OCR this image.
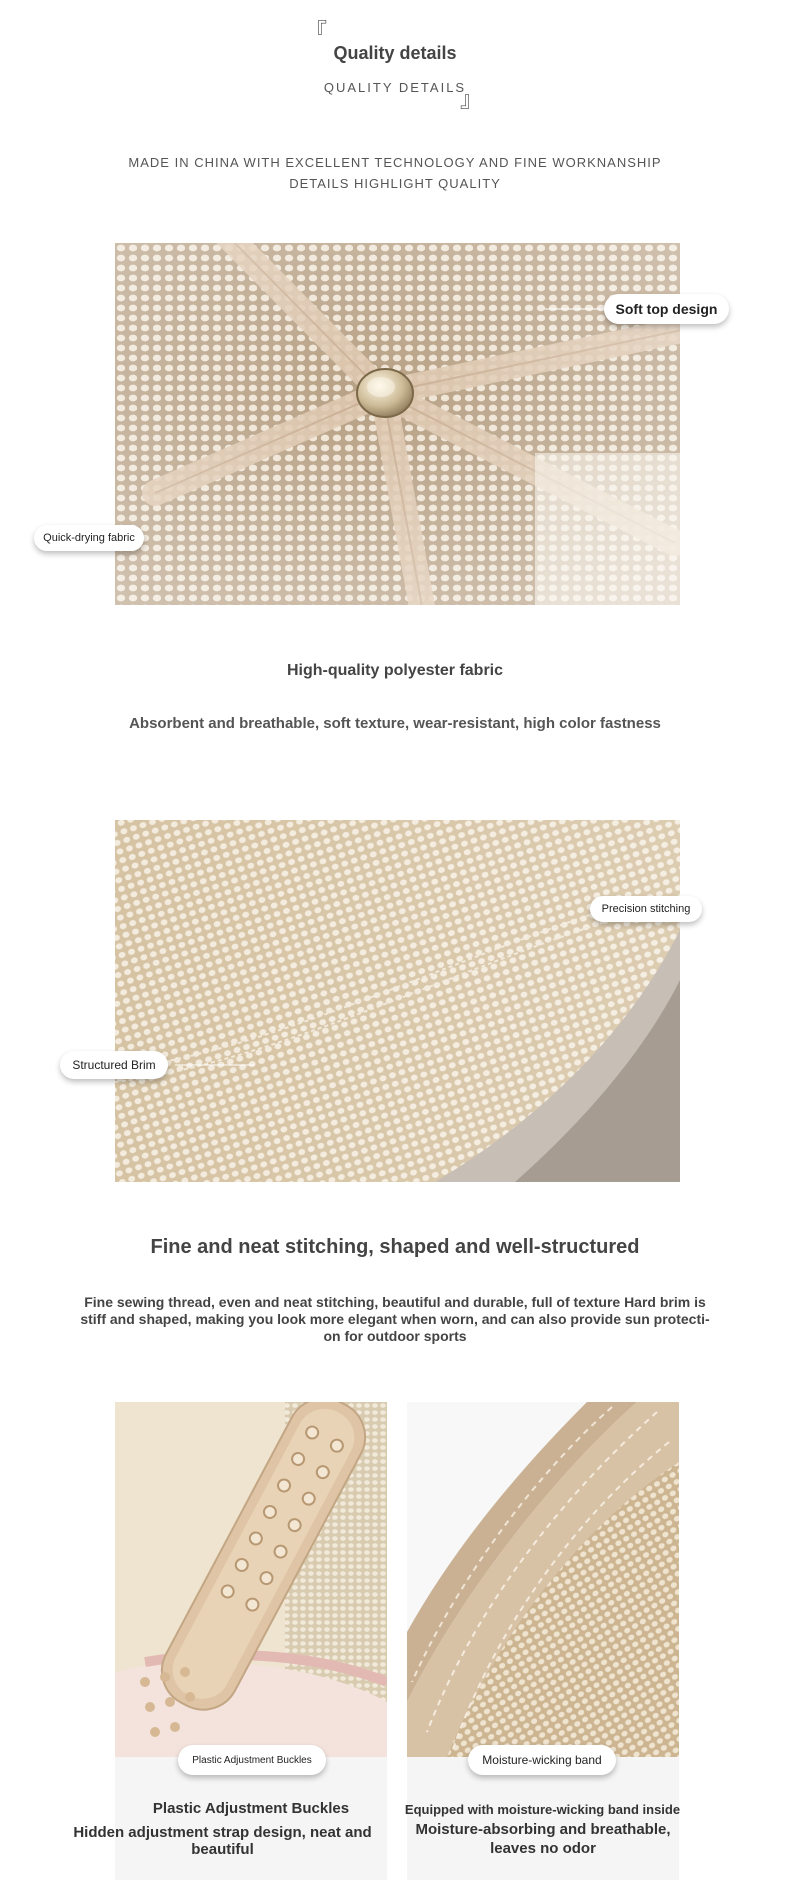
『
Quality details
QUALITY DETAILS
』
MADE IN CHINA WITH EXCELLENT TECHNOLOGY AND FINE WORKNANSHIP
DETAILS HIGHLIGHT QUALITY
Soft top design
Quick-drying fabric
High-quality polyester fabric
Absorbent and breathable, soft texture, wear-resistant, high color fastness
Precision stitching
Structured Brim
Fine and neat stitching, shaped and well-structured
Fine sewing thread, even and neat stitching, beautiful and durable, full of texture Hard brim is
stiff and shaped, making you look more elegant when worn, and can also provide sun protecti-
on for outdoor sports
Plastic Adjustment Buckles
Plastic Adjustment Buckles
Hidden adjustment strap design, neat and beautiful
Moisture-wicking band
Equipped with moisture-wicking band inside
Moisture-absorbing and breathable,
leaves no odor
